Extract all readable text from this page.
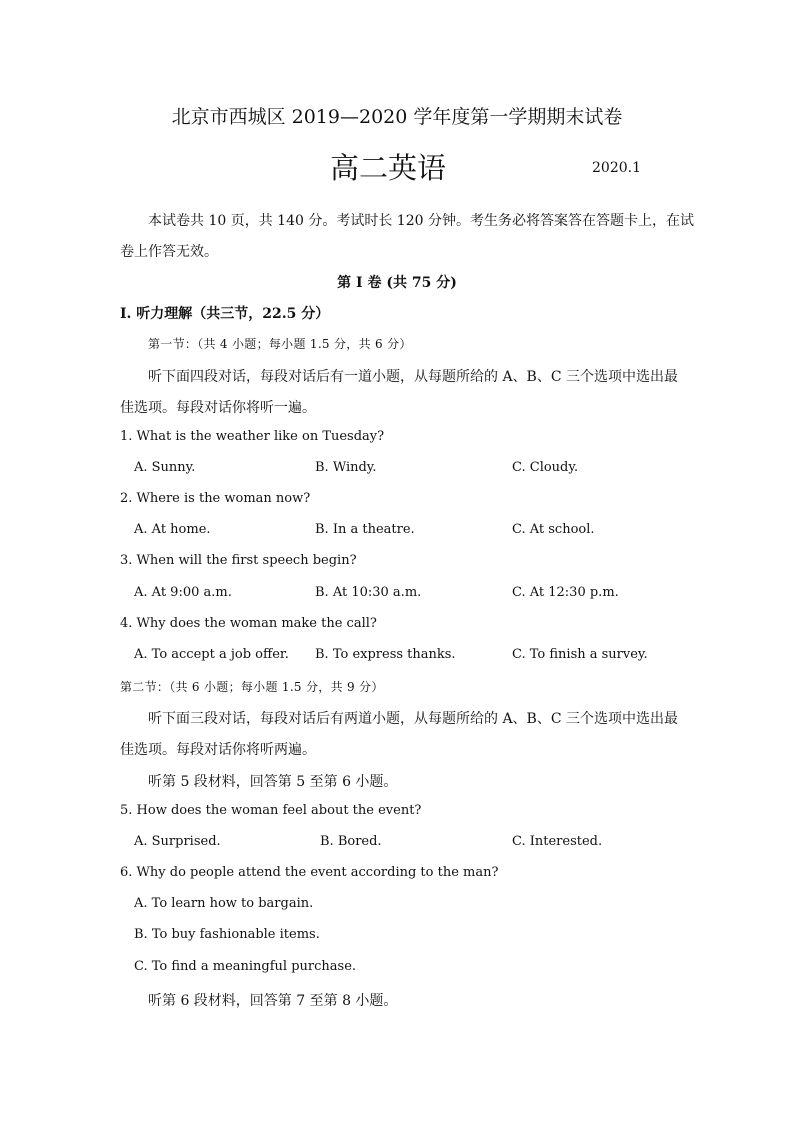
北京市西城区 2019—2020 学年度第一学期期末试卷
高二英语	2020.1
本试卷共 10 页，共 140 分。考试时长 120 分钟。考生务必将答案答在答题卡上，在试
卷上作答无效。
第 I 卷 (共 75 分)
I. 听力理解（共三节，22.5 分）
第一节：（共 4 小题；每小题 1.5 分，共 6 分）
听下面四段对话，每段对话后有一道小题，从每题所给的 A、B、C 三个选项中选出最
佳选项。每段对话你将听一遍。
1. What is the weather like on Tuesday?
A. Sunny.	B. Windy.	C. Cloudy.
2. Where is the woman now?
A. At home.	B. In a theatre.	C. At school.
3. When will the first speech begin?
A. At 9:00 a.m.	B. At 10:30 a.m.	C. At 12:30 p.m.
4. Why does the woman make the call?
A. To accept a job offer. B. To express thanks.	C. To finish a survey.
第二节：（共 6 小题；每小题 1.5 分，共 9 分）
听下面三段对话，每段对话后有两道小题，从每题所给的 A、B、C 三个选项中选出最
佳选项。每段对话你将听两遍。
听第 5 段材料，回答第 5 至第 6 小题。
5. How does the woman feel about the event?
A. Surprised.	B. Bored.	C. Interested.
6. Why do people attend the event according to the man?
A. To learn how to bargain.
B. To buy fashionable items.
C. To find a meaningful purchase.
听第 6 段材料，回答第 7 至第 8 小题。
